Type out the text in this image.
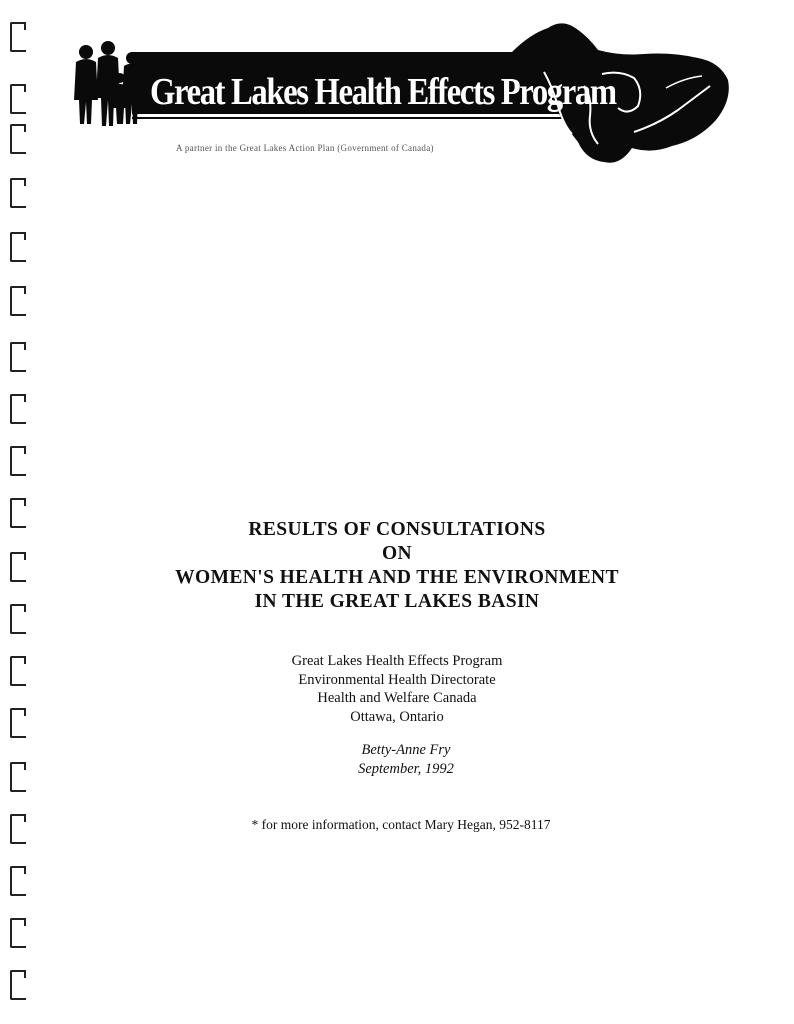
Great Lakes Health Effects Program
A partner in the Great Lakes Action Plan (Government of Canada)
RESULTS OF CONSULTATIONS
ON
WOMEN'S HEALTH AND THE ENVIRONMENT
IN THE GREAT LAKES BASIN
Great Lakes Health Effects Program
Environmental Health Directorate
Health and Welfare Canada
Ottawa, Ontario
Betty-Anne Fry
September, 1992
* for more information, contact Mary Hegan, 952-8117
